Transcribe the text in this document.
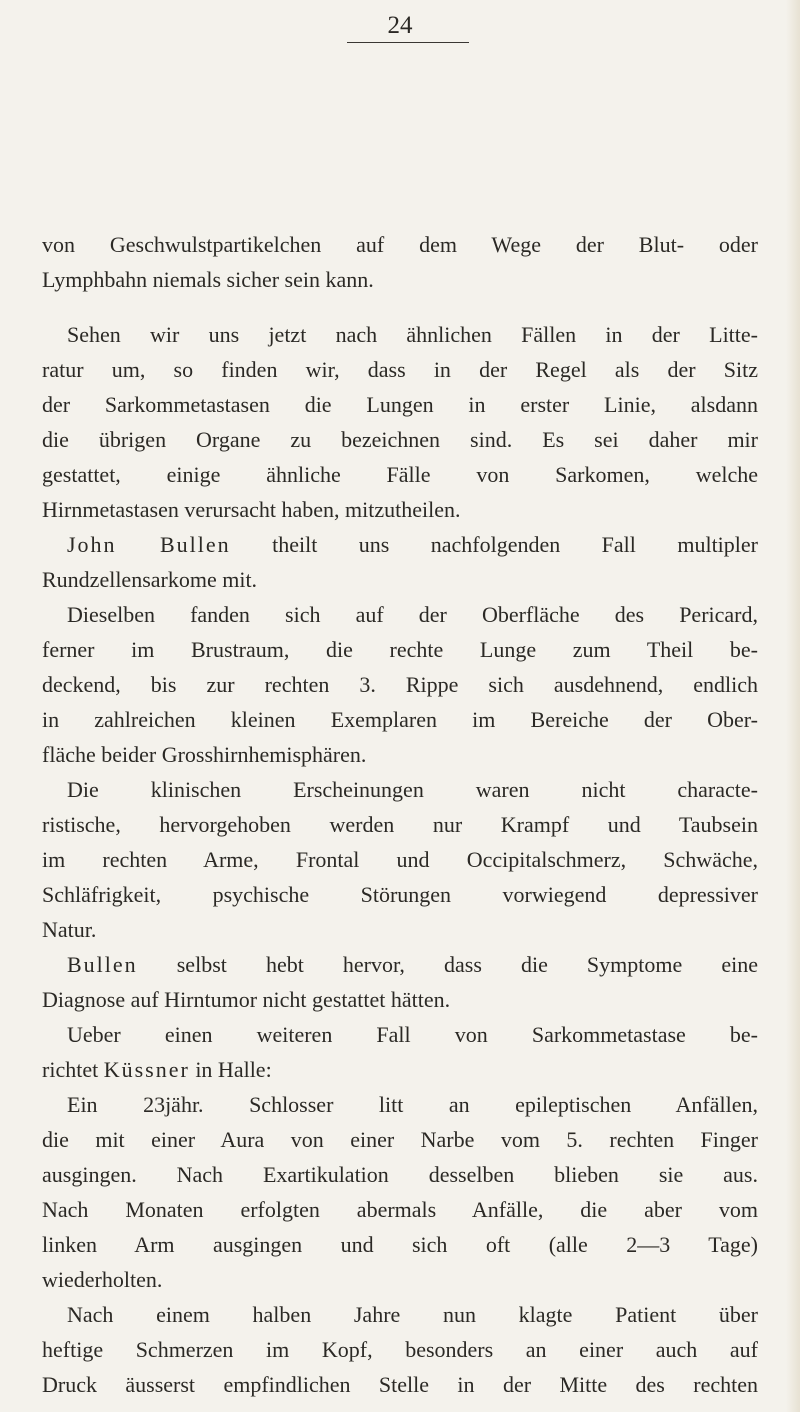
24
von Geschwulstpartikelchen auf dem Wege der Blut- oder
Lymphbahn niemals sicher sein kann.
Sehen wir uns jetzt nach ähnlichen Fällen in der Litte-
ratur um, so finden wir, dass in der Regel als der Sitz
der Sarkommetastasen die Lungen in erster Linie, alsdann
die übrigen Organe zu bezeichnen sind. Es sei daher mir
gestattet, einige ähnliche Fälle von Sarkomen, welche
Hirnmetastasen verursacht haben, mitzutheilen.
John Bullen theilt uns nachfolgenden Fall multipler
Rundzellensarkome mit.
Dieselben fanden sich auf der Oberfläche des Pericard,
ferner im Brustraum, die rechte Lunge zum Theil be-
deckend, bis zur rechten 3. Rippe sich ausdehnend, endlich
in zahlreichen kleinen Exemplaren im Bereiche der Ober-
fläche beider Grosshirnhemisphären.
Die klinischen Erscheinungen waren nicht characte-
ristische, hervorgehoben werden nur Krampf und Taubsein
im rechten Arme, Frontal und Occipitalschmerz, Schwäche,
Schläfrigkeit, psychische Störungen vorwiegend depressiver
Natur.
Bullen selbst hebt hervor, dass die Symptome eine
Diagnose auf Hirntumor nicht gestattet hätten.
Ueber einen weiteren Fall von Sarkommetastase be-
richtet Küssner in Halle:
Ein 23jähr. Schlosser litt an epileptischen Anfällen,
die mit einer Aura von einer Narbe vom 5. rechten Finger
ausgingen. Nach Exartikulation desselben blieben sie aus.
Nach Monaten erfolgten abermals Anfälle, die aber vom
linken Arm ausgingen und sich oft (alle 2—3 Tage)
wiederholten.
Nach einem halben Jahre nun klagte Patient über
heftige Schmerzen im Kopf, besonders an einer auch auf
Druck äusserst empfindlichen Stelle in der Mitte des rechten
